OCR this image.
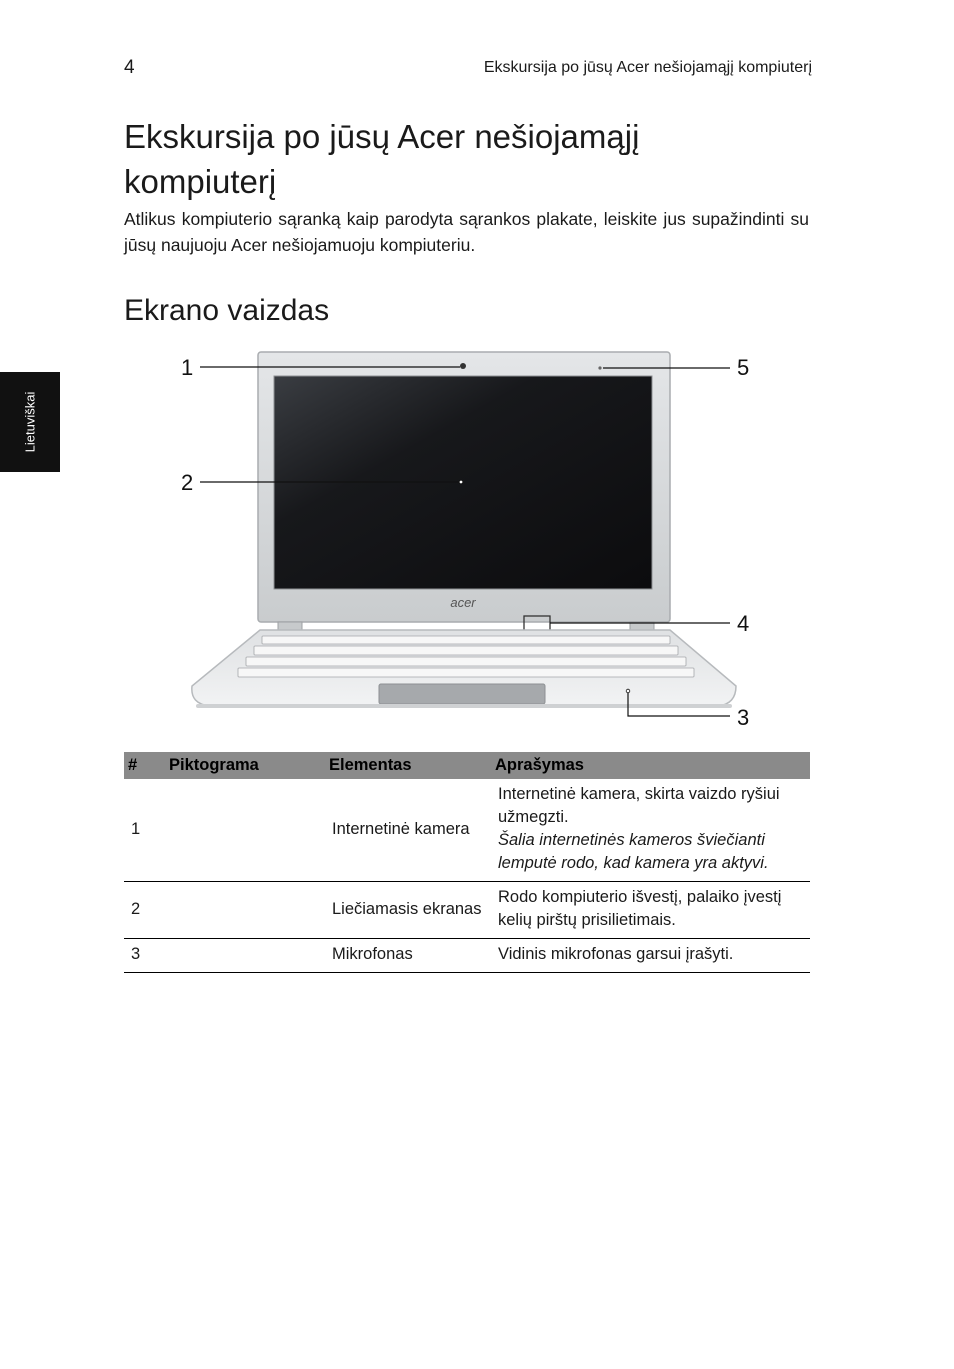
4	Ekskursija po jūsų Acer nešiojamąjį kompiuterį
Lietuviškai
Ekskursija po jūsų Acer nešiojamąjį kompiuterį

Atlikus kompiuterio sąranką kaip parodyta sąrankos plakate, leiskite jus supažindinti su jūsų naujuoju Acer nešiojamuoju kompiuteriu.

Ekrano vaizdas
acer
1
2
3
4
5
#	Piktograma	Elementas	Aprašymas
1		Internetinė kamera	Internetinė kamera, skirta vaizdo ryšiui užmegzti.
Šalia internetinės kameros šviečianti lemputė rodo, kad kamera yra aktyvi.

2		Liečiamasis ekranas	Rodo kompiuterio išvestį, palaiko įvestį kelių pirštų prisilietimais.

3		Mikrofonas	Vidinis mikrofonas garsui įrašyti.
